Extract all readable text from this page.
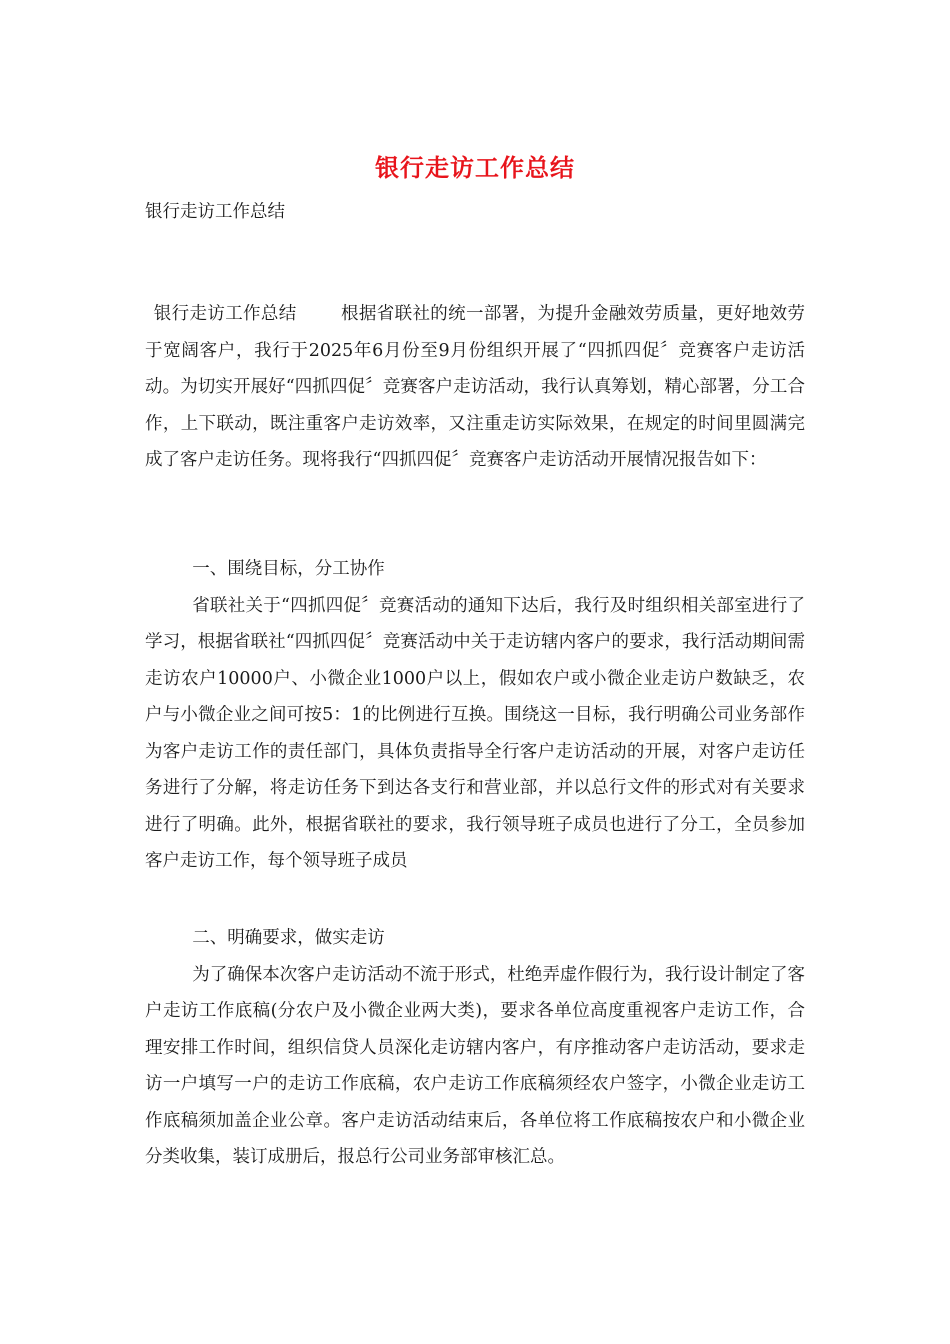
银行走访工作总结
银行走访工作总结

银行走访工作总结	根据省联社的统一部署，为提升金融效劳质量，更好地效劳于宽阔客户，我行于2025年6月份至9月份组织开展了“四抓四促〞竞赛客户走访活动。为切实开展好“四抓四促〞竞赛客户走访活动，我行认真筹划，精心部署，分工合作，上下联动，既注重客户走访效率，又注重走访实际效果，在规定的时间里圆满完成了客户走访任务。现将我行“四抓四促〞竞赛客户走访活动开展情况报告如下：

一、围绕目标，分工协作

省联社关于“四抓四促〞竞赛活动的通知下达后，我行及时组织相关部室进行了学习，根据省联社“四抓四促〞竞赛活动中关于走访辖内客户的要求，我行活动期间需走访农户10000户、小微企业1000户以上，假如农户或小微企业走访户数缺乏，农户与小微企业之间可按5：1的比例进行互换。围绕这一目标，我行明确公司业务部作为客户走访工作的责任部门，具体负责指导全行客户走访活动的开展，对客户走访任务进行了分解，将走访任务下到达各支行和营业部，并以总行文件的形式对有关要求进行了明确。此外，根据省联社的要求，我行领导班子成员也进行了分工，全员参加客户走访工作，每个领导班子成员

二、明确要求，做实走访

为了确保本次客户走访活动不流于形式，杜绝弄虚作假行为，我行设计制定了客户走访工作底稿(分农户及小微企业两大类)，要求各单位高度重视客户走访工作，合理安排工作时间，组织信贷人员深化走访辖内客户，有序推动客户走访活动，要求走访一户填写一户的走访工作底稿，农户走访工作底稿须经农户签字，小微企业走访工作底稿须加盖企业公章。客户走访活动结束后，各单位将工作底稿按农户和小微企业分类收集，装订成册后，报总行公司业务部审核汇总。
